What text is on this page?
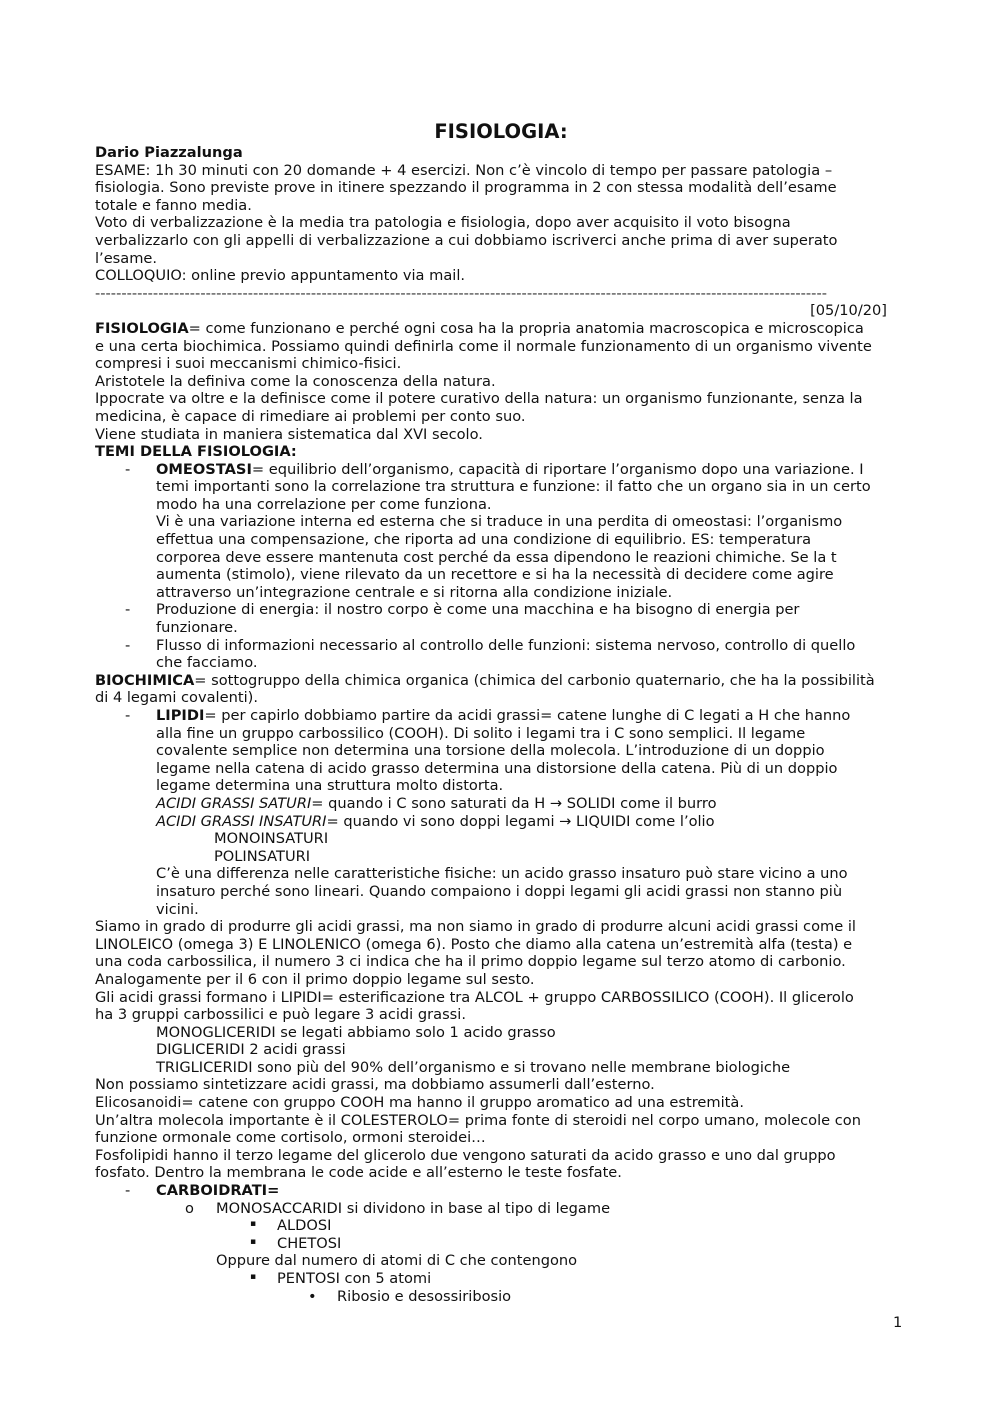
FISIOLOGIA:
Dario Piazzalunga
ESAME: 1h 30 minuti con 20 domande + 4 esercizi. Non c’è vincolo di tempo per passare patologia –
fisiologia. Sono previste prove in itinere spezzando il programma in 2 con stessa modalità dell’esame
totale e fanno media.
Voto di verbalizzazione è la media tra patologia e fisiologia, dopo aver acquisito il voto bisogna
verbalizzarlo con gli appelli di verbalizzazione a cui dobbiamo iscriverci anche prima di aver superato
l’esame.
COLLOQUIO: online previo appuntamento via mail.
-------------------------------------------------------------------------------------------------------------------------------------------
[05/10/20]
FISIOLOGIA= come funzionano e perché ogni cosa ha la propria anatomia macroscopica e microscopica
e una certa biochimica. Possiamo quindi definirla come il normale funzionamento di un organismo vivente
compresi i suoi meccanismi chimico-fisici.
Aristotele la definiva come la conoscenza della natura.
Ippocrate va oltre e la definisce come il potere curativo della natura: un organismo funzionante, senza la
medicina, è capace di rimediare ai problemi per conto suo.
Viene studiata in maniera sistematica dal XVI secolo.
TEMI DELLA FISIOLOGIA:
- OMEOSTASI= equilibrio dell’organismo, capacità di riportare l’organismo dopo una variazione. I
temi importanti sono la correlazione tra struttura e funzione: il fatto che un organo sia in un certo
modo ha una correlazione per come funziona.
Vi è una variazione interna ed esterna che si traduce in una perdita di omeostasi: l’organismo
effettua una compensazione, che riporta ad una condizione di equilibrio. ES: temperatura
corporea deve essere mantenuta cost perché da essa dipendono le reazioni chimiche. Se la t
aumenta (stimolo), viene rilevato da un recettore e si ha la necessità di decidere come agire
attraverso un’integrazione centrale e si ritorna alla condizione iniziale.
- Produzione di energia: il nostro corpo è come una macchina e ha bisogno di energia per
funzionare.
- Flusso di informazioni necessario al controllo delle funzioni: sistema nervoso, controllo di quello
che facciamo.
BIOCHIMICA= sottogruppo della chimica organica (chimica del carbonio quaternario, che ha la possibilità
di 4 legami covalenti).
- LIPIDI= per capirlo dobbiamo partire da acidi grassi= catene lunghe di C legati a H che hanno
alla fine un gruppo carbossilico (COOH). Di solito i legami tra i C sono semplici. Il legame
covalente semplice non determina una torsione della molecola. L’introduzione di un doppio
legame nella catena di acido grasso determina una distorsione della catena. Più di un doppio
legame determina una struttura molto distorta.
ACIDI GRASSI SATURI= quando i C sono saturati da H → SOLIDI come il burro
ACIDI GRASSI INSATURI= quando vi sono doppi legami → LIQUIDI come l’olio
MONOINSATURI
POLINSATURI
C’è una differenza nelle caratteristiche fisiche: un acido grasso insaturo può stare vicino a uno
insaturo perché sono lineari. Quando compaiono i doppi legami gli acidi grassi non stanno più
vicini.
Siamo in grado di produrre gli acidi grassi, ma non siamo in grado di produrre alcuni acidi grassi come il
LINOLEICO (omega 3) E LINOLENICO (omega 6). Posto che diamo alla catena un’estremità alfa (testa) e
una coda carbossilica, il numero 3 ci indica che ha il primo doppio legame sul terzo atomo di carbonio.
Analogamente per il 6 con il primo doppio legame sul sesto.
Gli acidi grassi formano i LIPIDI= esterificazione tra ALCOL + gruppo CARBOSSILICO (COOH). Il glicerolo
ha 3 gruppi carbossilici e può legare 3 acidi grassi.
MONOGLICERIDI se legati abbiamo solo 1 acido grasso
DIGLICERIDI 2 acidi grassi
TRIGLICERIDI sono più del 90% dell’organismo e si trovano nelle membrane biologiche
Non possiamo sintetizzare acidi grassi, ma dobbiamo assumerli dall’esterno.
Elicosanoidi= catene con gruppo COOH ma hanno il gruppo aromatico ad una estremità.
Un’altra molecola importante è il COLESTEROLO= prima fonte di steroidi nel corpo umano, molecole con
funzione ormonale come cortisolo, ormoni steroidei…
Fosfolipidi hanno il terzo legame del glicerolo due vengono saturati da acido grasso e uno dal gruppo
fosfato. Dentro la membrana le code acide e all’esterno le teste fosfate.
- CARBOIDRATI=
o MONOSACCARIDI si dividono in base al tipo di legame
▪ ALDOSI
▪ CHETOSI
Oppure dal numero di atomi di C che contengono
▪ PENTOSI con 5 atomi
• Ribosio e desossiribosio
1
